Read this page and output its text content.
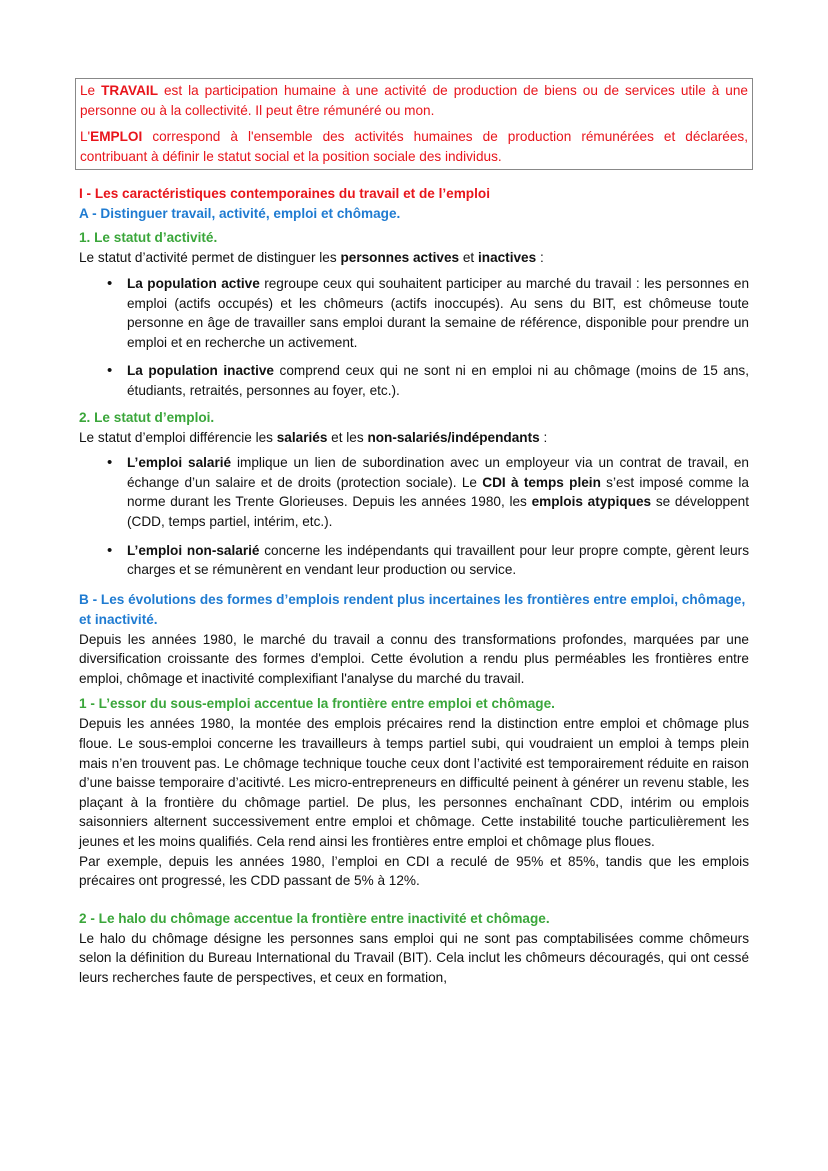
Le TRAVAIL est la participation humaine à une activité de production de biens ou de services utile à une personne ou à la collectivité. Il peut être rémunéré ou mon.

L'EMPLOI correspond à l'ensemble des activités humaines de production rémunérées et déclarées, contribuant à définir le statut social et la position sociale des individus.

I - Les caractéristiques contemporaines du travail et de l’emploi
A - Distinguer travail, activité, emploi et chômage.
1. Le statut d’activité.

Le statut d’activité permet de distinguer les personnes actives et inactives :

• La population active regroupe ceux qui souhaitent participer au marché du travail : les personnes en emploi (actifs occupés) et les chômeurs (actifs inoccupés). Au sens du BIT, est chômeuse toute personne en âge de travailler sans emploi durant la semaine de référence, disponible pour prendre un emploi et en recherche un activement.
• La population inactive comprend ceux qui ne sont ni en emploi ni au chômage (moins de 15 ans, étudiants, retraités, personnes au foyer, etc.).
2. Le statut d’emploi.

Le statut d’emploi différencie les salariés et les non-salariés/indépendants :

• L’emploi salarié implique un lien de subordination avec un employeur via un contrat de travail, en échange d’un salaire et de droits (protection sociale). Le CDI à temps plein s’est imposé comme la norme durant les Trente Glorieuses. Depuis les années 1980, les emplois atypiques se développent (CDD, temps partiel, intérim, etc.).
• L’emploi non-salarié concerne les indépendants qui travaillent pour leur propre compte, gèrent leurs charges et se rémunèrent en vendant leur production ou service.
B - Les évolutions des formes d’emplois rendent plus incertaines les frontières entre emploi, chômage, et inactivité.

Depuis les années 1980, le marché du travail a connu des transformations profondes, marquées par une diversification croissante des formes d'emploi. Cette évolution a rendu plus perméables les frontières entre emploi, chômage et inactivité complexifiant l'analyse du marché du travail.

1 - L’essor du sous-emploi accentue la frontière entre emploi et chômage.

Depuis les années 1980, la montée des emplois précaires rend la distinction entre emploi et chômage plus floue. Le sous-emploi concerne les travailleurs à temps partiel subi, qui voudraient un emploi à temps plein mais n’en trouvent pas. Le chômage technique touche ceux dont l’activité est temporairement réduite en raison d’une baisse temporaire d’acitivté. Les micro-entrepreneurs en difficulté peinent à générer un revenu stable, les plaçant à la frontière du chômage partiel. De plus, les personnes enchaînant CDD, intérim ou emplois saisonniers alternent successivement entre emploi et chômage. Cette instabilité touche particulièrement les jeunes et les moins qualifiés. Cela rend ainsi les frontières entre emploi et chômage plus floues.

Par exemple, depuis les années 1980, l’emploi en CDI a reculé de 95% et 85%, tandis que les emplois précaires ont progressé, les CDD passant de 5% à 12%.

2 - Le halo du chômage accentue la frontière entre inactivité et chômage.

Le halo du chômage désigne les personnes sans emploi qui ne sont pas comptabilisées comme chômeurs selon la définition du Bureau International du Travail (BIT). Cela inclut les chômeurs découragés, qui ont cessé leurs recherches faute de perspectives, et ceux en formation,
